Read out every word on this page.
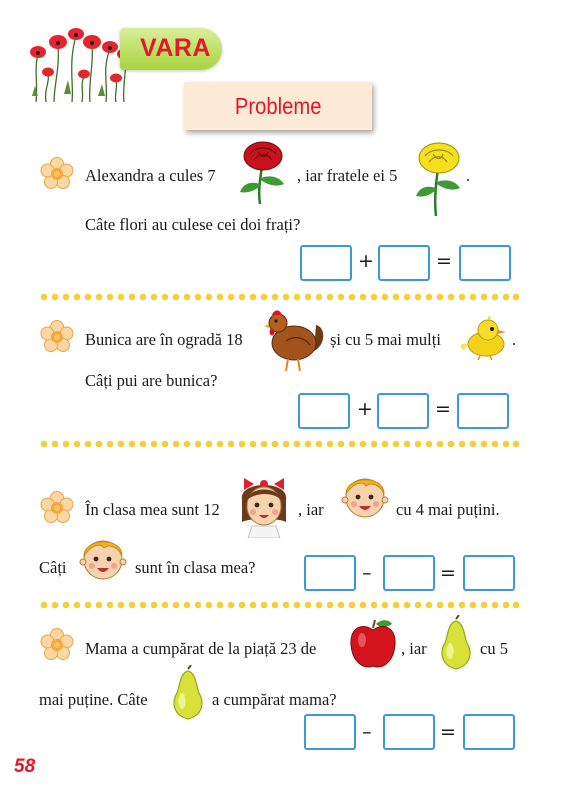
VARA
Probleme
Alexandra a cules 7	, iar fratele ei 5	.
Câte flori au culese cei doi frați?
+	=
Bunica are în ogradă 18	și cu 5 mai mulți	.
Câți pui are bunica?
+	=
În clasa mea sunt 12	, iar	cu 4 mai puțini.
Câți	sunt în clasa mea?	–	=
Mama a cumpărat de la piață 23 de	, iar	cu 5
mai puține. Câte	a cumpărat mama?
–	=
58
